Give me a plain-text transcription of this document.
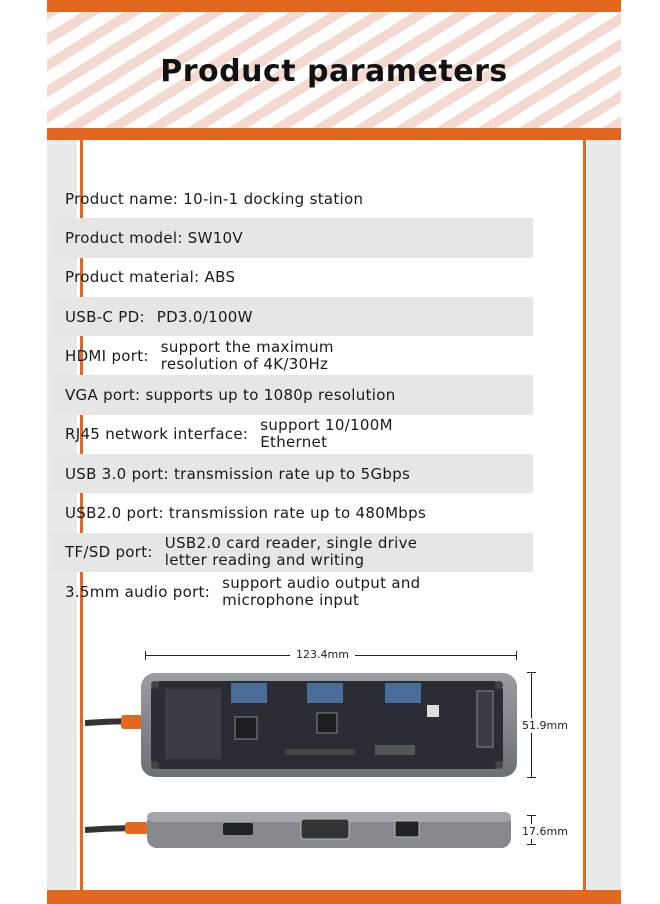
Product parameters
Product name: 10-in-1 docking station
Product model: SW10V
Product material: ABS
USB-C PD: PD3.0/100W
HDMI port: support the maximum
resolution of 4K/30Hz
VGA port: supports up to 1080p resolution
RJ45 network interface: support 10/100M
Ethernet
USB 3.0 port: transmission rate up to 5Gbps
USB2.0 port: transmission rate up to 480Mbps
TF/SD port: USB2.0 card reader, single drive
letter reading and writing
3.5mm audio port: support audio output and
microphone input
123.4mm
51.9mm
17.6mm
